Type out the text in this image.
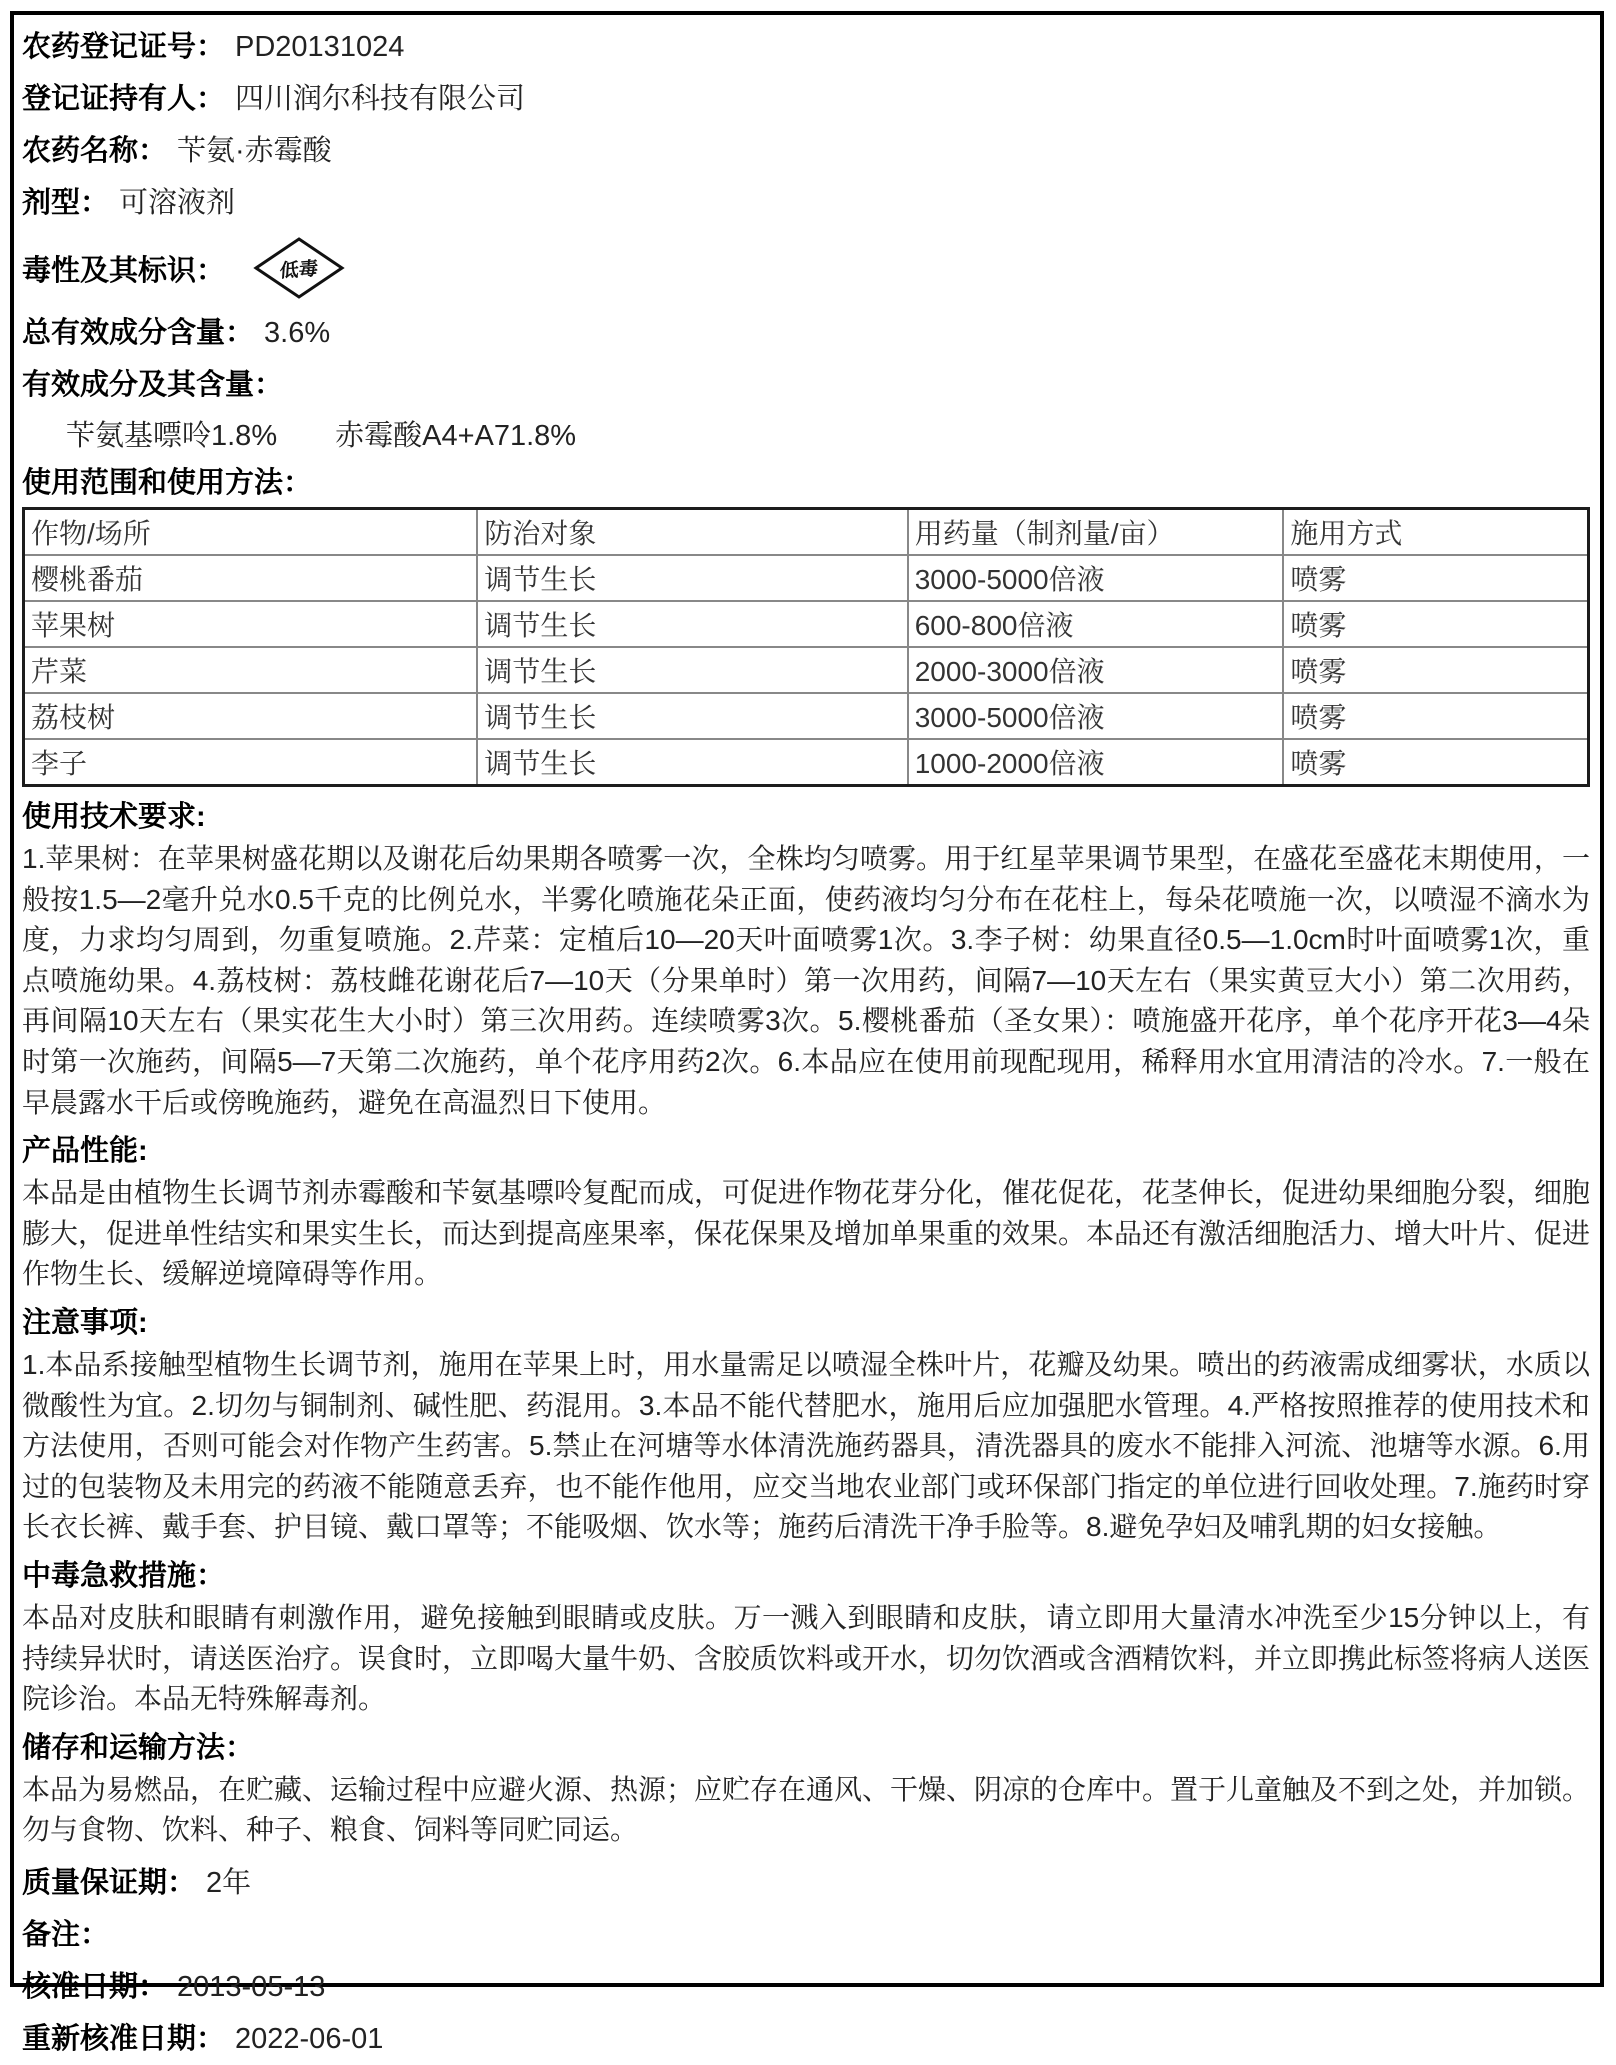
农药登记证号： PD20131024
登记证持有人： 四川润尔科技有限公司
农药名称： 苄氨·赤霉酸
剂型： 可溶液剂
毒性及其标识：	低毒
总有效成分含量： 3.6%
有效成分及其含量：
苄氨基嘌呤1.8% 赤霉酸A4+A71.8%
使用范围和使用方法：
作物/场所	防治对象	用药量（制剂量/亩）	施用方式
樱桃番茄	调节生长	3000-5000倍液	喷雾
苹果树	调节生长	600-800倍液	喷雾
芹菜	调节生长	2000-3000倍液	喷雾
荔枝树	调节生长	3000-5000倍液	喷雾
李子	调节生长	1000-2000倍液	喷雾
使用技术要求:

1.苹果树：在苹果树盛花期以及谢花后幼果期各喷雾一次，全株均匀喷雾。用于红星苹果调节果型，在盛花至盛花末期使用，一般按1.5—2毫升兑水0.5千克的比例兑水，半雾化喷施花朵正面，使药液均匀分布在花柱上，每朵花喷施一次，以喷湿不滴水为度，力求均匀周到，勿重复喷施。2.芹菜：定植后10—20天叶面喷雾1次。3.李子树：幼果直径0.5—1.0cm时叶面喷雾1次，重点喷施幼果。4.荔枝树：荔枝雌花谢花后7—10天（分果单时）第一次用药，间隔7—10天左右（果实黄豆大小）第二次用药，再间隔10天左右（果实花生大小时）第三次用药。连续喷雾3次。5.樱桃番茄（圣女果）：喷施盛开花序，单个花序开花3—4朵时第一次施药，间隔5—7天第二次施药，单个花序用药2次。6.本品应在使用前现配现用，稀释用水宜用清洁的冷水。7.一般在早晨露水干后或傍晚施药，避免在高温烈日下使用。

产品性能:

本品是由植物生长调节剂赤霉酸和苄氨基嘌呤复配而成，可促进作物花芽分化，催花促花，花茎伸长，促进幼果细胞分裂，细胞膨大，促进单性结实和果实生长，而达到提高座果率，保花保果及增加单果重的效果。本品还有激活细胞活力、增大叶片、促进作物生长、缓解逆境障碍等作用。

注意事项:

1.本品系接触型植物生长调节剂，施用在苹果上时，用水量需足以喷湿全株叶片，花瓣及幼果。喷出的药液需成细雾状，水质以微酸性为宜。2.切勿与铜制剂、碱性肥、药混用。3.本品不能代替肥水，施用后应加强肥水管理。4.严格按照推荐的使用技术和方法使用，否则可能会对作物产生药害。5.禁止在河塘等水体清洗施药器具，清洗器具的废水不能排入河流、池塘等水源。6.用过的包装物及未用完的药液不能随意丢弃，也不能作他用，应交当地农业部门或环保部门指定的单位进行回收处理。7.施药时穿长衣长裤、戴手套、护目镜、戴口罩等；不能吸烟、饮水等；施药后清洗干净手脸等。8.避免孕妇及哺乳期的妇女接触。

中毒急救措施：

本品对皮肤和眼睛有刺激作用，避免接触到眼睛或皮肤。万一溅入到眼睛和皮肤，请立即用大量清水冲洗至少15分钟以上，有持续异状时，请送医治疗。误食时，立即喝大量牛奶、含胶质饮料或开水，切勿饮酒或含酒精饮料，并立即携此标签将病人送医院诊治。本品无特殊解毒剂。

储存和运输方法：

本品为易燃品，在贮藏、运输过程中应避火源、热源；应贮存在通风、干燥、阴凉的仓库中。置于儿童触及不到之处，并加锁。勿与食物、饮料、种子、粮食、饲料等同贮同运。

质量保证期： 2年
备注：
核准日期： 2013-05-13
重新核准日期： 2022-06-01
